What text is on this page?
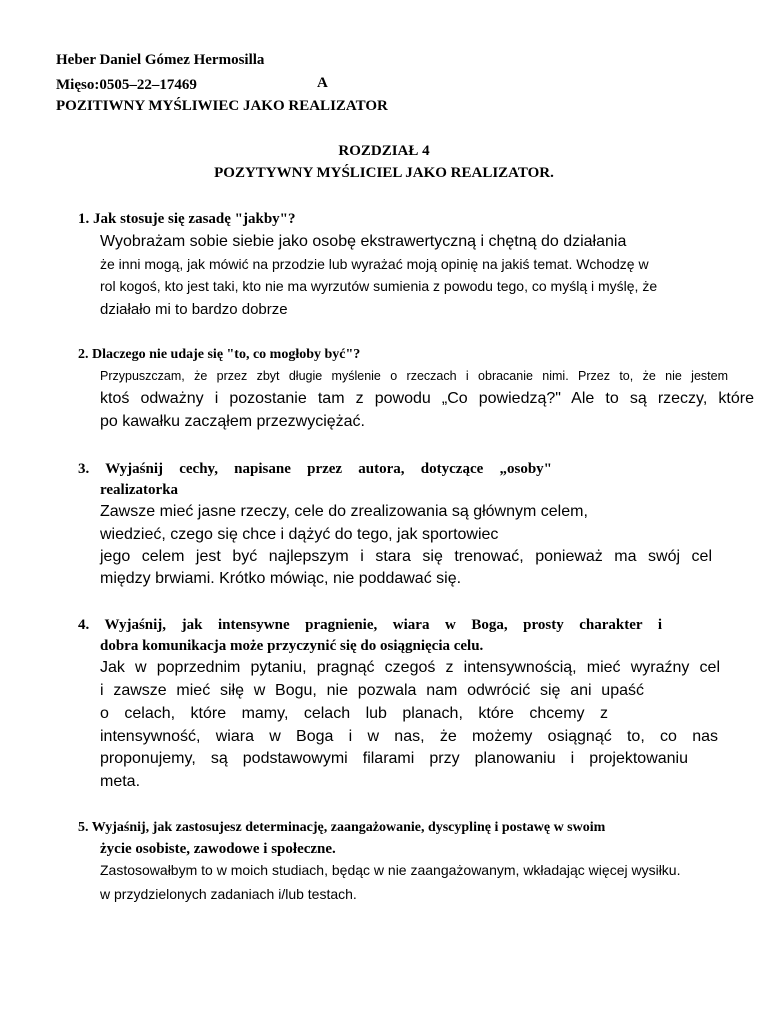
Heber Daniel Gómez Hermosilla
Mięso:0505–22–17469	A
POZITIWNY MYŚLIWIEC JAKO REALIZATOR
ROZDZIAŁ 4
POZYTYWNY MYŚLICIEL JAKO REALIZATOR.
1. Jak stosuje się zasadę "jakby"?
Wyobrażam sobie siebie jako osobę ekstrawertyczną i chętną do działania
że inni mogą, jak mówić na przodzie lub wyrażać moją opinię na jakiś temat. Wchodzę w
rol kogoś, kto jest taki, kto nie ma wyrzutów sumienia z powodu tego, co myślą i myślę, że
działało mi to bardzo dobrze
2. Dlaczego nie udaje się "to, co mogłoby być"?
Przypuszczam, że przez zbyt długie myślenie o rzeczach i obracanie nimi. Przez to, że nie jestem
ktoś odważny i pozostanie tam z powodu „Co powiedzą?" Ale to są rzeczy, które
po kawałku zacząłem przezwyciężać.
3. Wyjaśnij cechy, napisane przez autora, dotyczące „osoby"
realizatorka
Zawsze mieć jasne rzeczy, cele do zrealizowania są głównym celem,
wiedzieć, czego się chce i dążyć do tego, jak sportowiec
jego celem jest być najlepszym i stara się trenować, ponieważ ma swój cel
między brwiami. Krótko mówiąc, nie poddawać się.
4. Wyjaśnij, jak intensywne pragnienie, wiara w Boga, prosty charakter i
dobra komunikacja może przyczynić się do osiągnięcia celu.
Jak w poprzednim pytaniu, pragnąć czegoś z intensywnością, mieć wyraźny cel
i zawsze mieć siłę w Bogu, nie pozwala nam odwrócić się ani upaść
o celach, które mamy, celach lub planach, które chcemy z
intensywność, wiara w Boga i w nas, że możemy osiągnąć to, co nas
proponujemy, są podstawowymi filarami przy planowaniu i projektowaniu
meta.
5. Wyjaśnij, jak zastosujesz determinację, zaangażowanie, dyscyplinę i postawę w swoim
życie osobiste, zawodowe i społeczne.
Zastosowałbym to w moich studiach, będąc w nie zaangażowanym, wkładając więcej wysiłku.
w przydzielonych zadaniach i/lub testach.
